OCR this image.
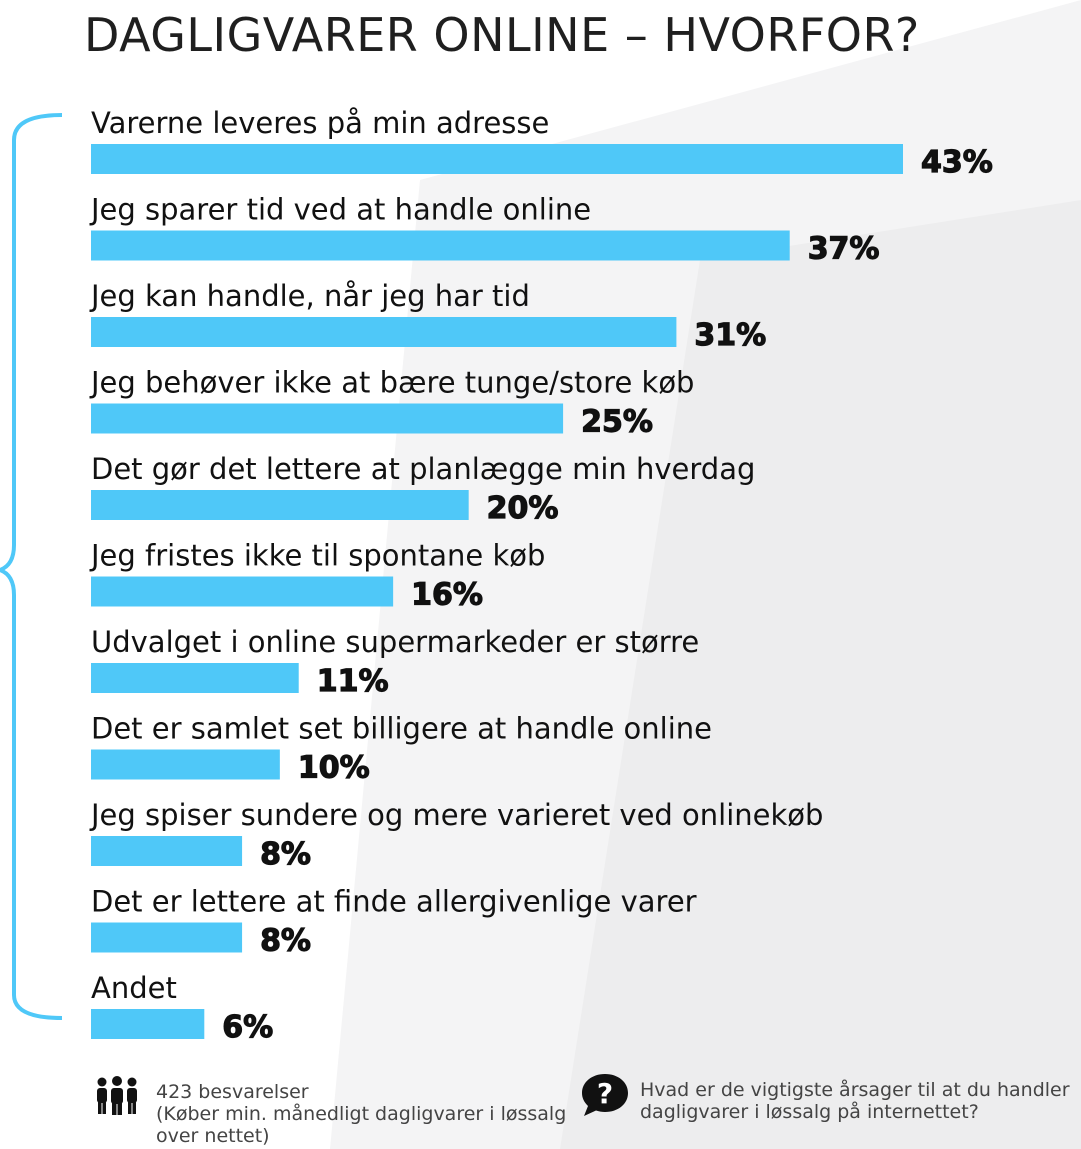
DAGLIGVARER ONLINE – HVORFOR?
Varerne leveres på min adresse
43%
Jeg sparer tid ved at handle online
37%
Jeg kan handle, når jeg har tid
31%
Jeg behøver ikke at bære tunge/store køb
25%
Det gør det lettere at planlægge min hverdag
20%
Jeg fristes ikke til spontane køb
16%
Udvalget i online supermarkeder er større
11%
Det er samlet set billigere at handle online
10%
Jeg spiser sundere og mere varieret ved onlinekøb
8%
Det er lettere at finde allergivenlige varer
8%
Andet
6%
423 besvarelser
(Køber min. månedligt dagligvarer i løssalg
over nettet)
? Hvad er de vigtigste årsager til at du handler
dagligvarer i løssalg på internettet?
